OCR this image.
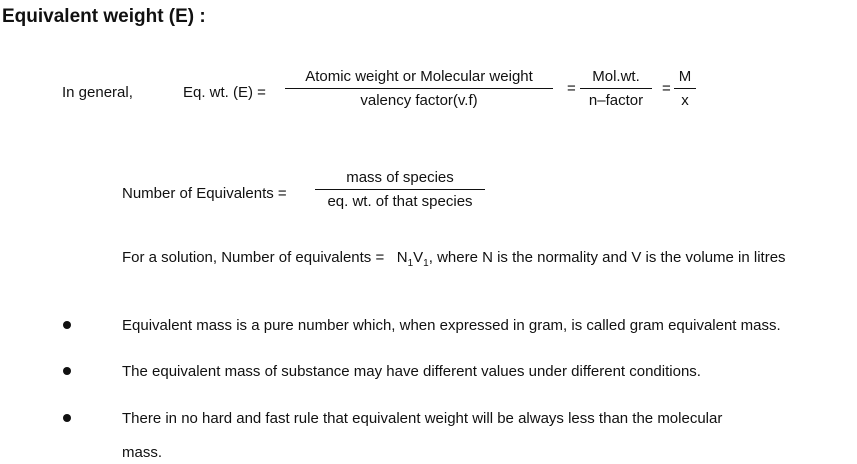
Equivalent weight (E) :
In general,	Eq. wt. (E) =
Atomic weight or Molecular weight
valency factor(v.f)
=
Mol.wt.
n–factor
= $\frac{M}{x}$
Number of Equivalents =
mass of species
eq. wt. of that species
For a solution, Number of equivalents = $N_1V_1$, where N is the normality and V is the volume in litres
Equivalent mass is a pure number which, when expressed in gram, is called gram equivalent mass.
The equivalent mass of substance may have different values under different conditions.
There in no hard and fast rule that equivalent weight will be always less than the molecular
mass.
